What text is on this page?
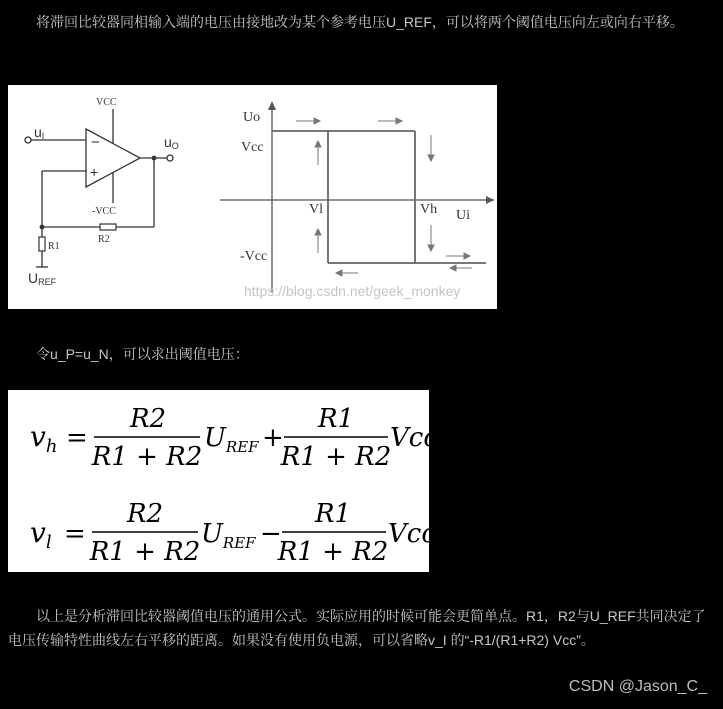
将滞回比较器同相输入端的电压由接地改为某个参考电压U_REF，可以将两个阈值电压向左或向右平移。

VCC
-VCC
−
+
uI	uO
R1
R2
UREF
Uo
Ui
Vcc
-Vcc
Vl	Vh
https://blog.csdn.net/geek_monkey

令u_P=u_N，可以求出阈值电压：

$v_h$ =
R2
R1 + R2
$U_{REF}$ +
R1
R1 + R2
Vcc
$v_l$ =
R2
R1 + R2
$U_{REF}$ −
R1
R1 + R2
Vcc

以上是分析滞回比较器阈值电压的通用公式。实际应用的时候可能会更简单点。R1，R2与U_REF共同决定了电压传输特性曲线左右平移的距离。如果没有使用负电源，可以省略v_I 的“-R1/(R1+R2) Vcc”。

CSDN @Jason_C_
